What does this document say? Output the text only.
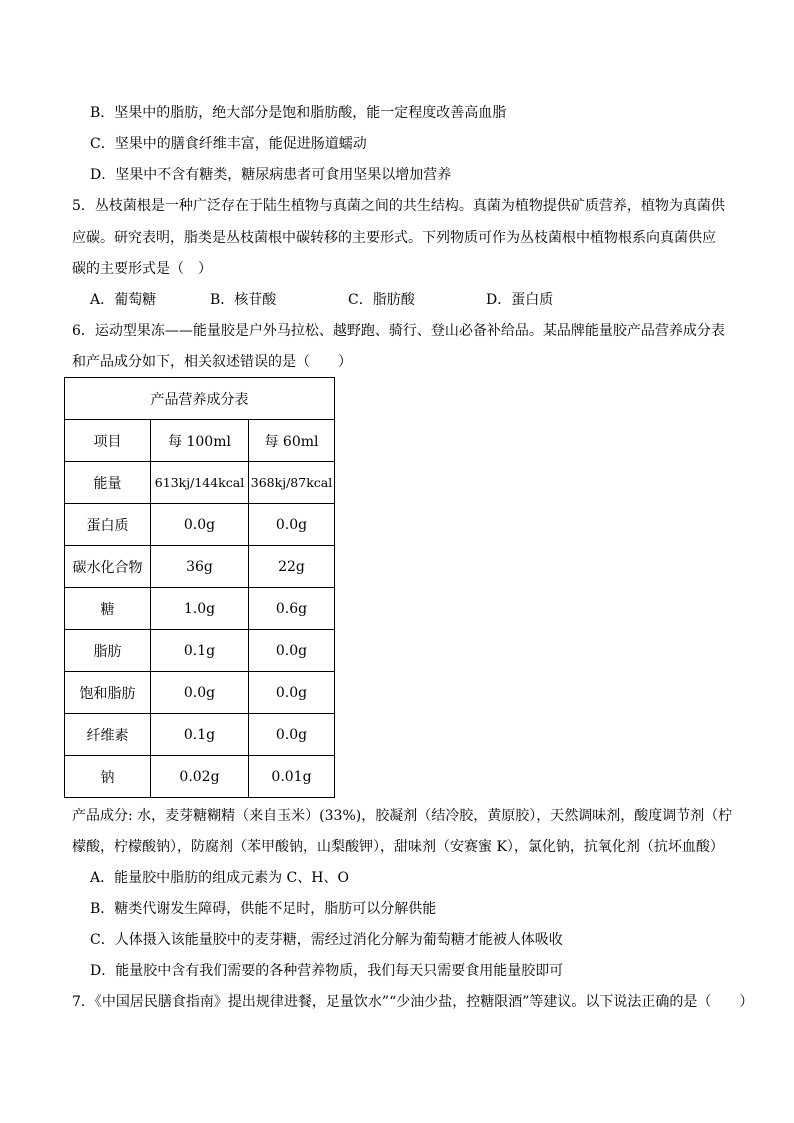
B．坚果中的脂肪，绝大部分是饱和脂肪酸，能一定程度改善高血脂
C．坚果中的膳食纤维丰富，能促进肠道蠕动
D．坚果中不含有糖类，糖尿病患者可食用坚果以增加营养
5．丛枝菌根是一种广泛存在于陆生植物与真菌之间的共生结构。真菌为植物提供矿质营养，植物为真菌供
应碳。研究表明，脂类是丛枝菌根中碳转移的主要形式。下列物质可作为丛枝菌根中植物根系向真菌供应
碳的主要形式是（　）
A．葡萄糖	B．核苷酸	C．脂肪酸	D．蛋白质
6．运动型果冻——能量胶是户外马拉松、越野跑、骑行、登山必备补给品。某品牌能量胶产品营养成分表
和产品成分如下，相关叙述错误的是（　　）
产品营养成分表		
项目	每 100ml	每 60ml
能量	613kj/144kcal	368kj/87kcal
蛋白质	0.0g	0.0g
碳水化合物	36g	22g
糖	1.0g	0.6g
脂肪	0.1g	0.0g
饱和脂肪	0.0g	0.0g
纤维素	0.1g	0.0g
钠	0.02g	0.01g
产品成分: 水，麦芽糖糊精（来自玉米）(33%)，胶凝剂（结冷胶，黄原胶），天然调味剂，酸度调节剂（柠
檬酸，柠檬酸钠），防腐剂（苯甲酸钠，山梨酸钾），甜味剂（安赛蜜 K），氯化钠，抗氧化剂（抗坏血酸）
A．能量胶中脂肪的组成元素为 C、H、O
B．糖类代谢发生障碍，供能不足时，脂肪可以分解供能
C．人体摄入该能量胶中的麦芽糖，需经过消化分解为葡萄糖才能被人体吸收
D．能量胶中含有我们需要的各种营养物质，我们每天只需要食用能量胶即可
7．《中国居民膳食指南》提出规律进餐，足量饮水”“少油少盐，控糖限酒”等建议。以下说法正确的是（　　）
